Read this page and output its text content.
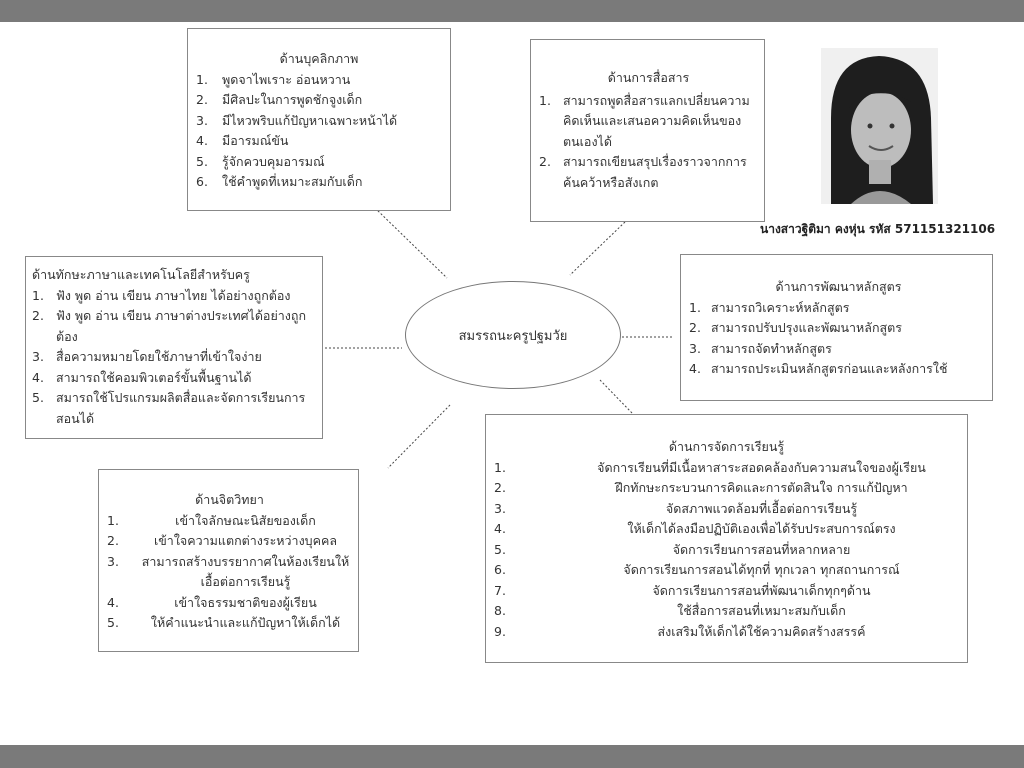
ด้านบุคลิกภาพ
1.	พูดจาไพเราะ อ่อนหวาน
2.	มีศิลปะในการพูดชักจูงเด็ก
3.	มีไหวพริบแก้ปัญหาเฉพาะหน้าได้
4.	มีอารมณ์ขัน
5.	รู้จักควบคุมอารมณ์
6.	ใช้คำพูดที่เหมาะสมกับเด็ก
ด้านการสื่อสาร
1. สามารถพูดสื่อสารแลกเปลี่ยนความคิดเห็นและเสนอความคิดเห็นของตนเองได้
2. สามารถเขียนสรุปเรื่องราวจากการค้นคว้าหรือสังเกต
นางสาวฐิติมา คงหุ่น รหัส 571151321106
ด้านทักษะภาษาและเทคโนโลยีสำหรับครู
1. ฟัง พูด อ่าน เขียน ภาษาไทย ได้อย่างถูกต้อง
2. ฟัง พูด อ่าน เขียน ภาษาต่างประเทศได้อย่างถูกต้อง
3. สื่อความหมายโดยใช้ภาษาที่เข้าใจง่าย
4. สามารถใช้คอมพิวเตอร์ขั้นพื้นฐานได้
5. สมารถใช้โปรแกรมผลิตสื่อและจัดการเรียนการสอนได้
สมรรถนะครูปฐมวัย
ด้านการพัฒนาหลักสูตร
1. สามารถวิเคราะห์หลักสูตร
2. สามารถปรับปรุงและพัฒนาหลักสูตร
3. สามารถจัดทำหลักสูตร
4. สามารถประเมินหลักสูตรก่อนและหลังการใช้
ด้านจิตวิทยา
1.	เข้าใจลักษณะนิสัยของเด็ก
2.	เข้าใจความแตกต่างระหว่างบุคคล
3.	สามารถสร้างบรรยากาศในห้องเรียนให้เอื้อต่อการเรียนรู้
4.	เข้าใจธรรมชาติของผู้เรียน
5.	ให้คำแนะนำและแก้ปัญหาให้เด็กได้
ด้านการจัดการเรียนรู้
1.	จัดการเรียนที่มีเนื้อหาสาระสอดคล้องกับความสนใจของผู้เรียน
2.	ฝึกทักษะกระบวนการคิดและการตัดสินใจ การแก้ปัญหา
3.	จัดสภาพแวดล้อมที่เอื้อต่อการเรียนรู้
4.	ให้เด็กได้ลงมือปฏิบัติเองเพื่อได้รับประสบการณ์ตรง
5.	จัดการเรียนการสอนที่หลากหลาย
6.	จัดการเรียนการสอนได้ทุกที่ ทุกเวลา ทุกสถานการณ์
7.	จัดการเรียนการสอนที่พัฒนาเด็กทุกๆด้าน
8.	ใช้สื่อการสอนที่เหมาะสมกับเด็ก
9.	ส่งเสริมให้เด็กได้ใช้ความคิดสร้างสรรค์
